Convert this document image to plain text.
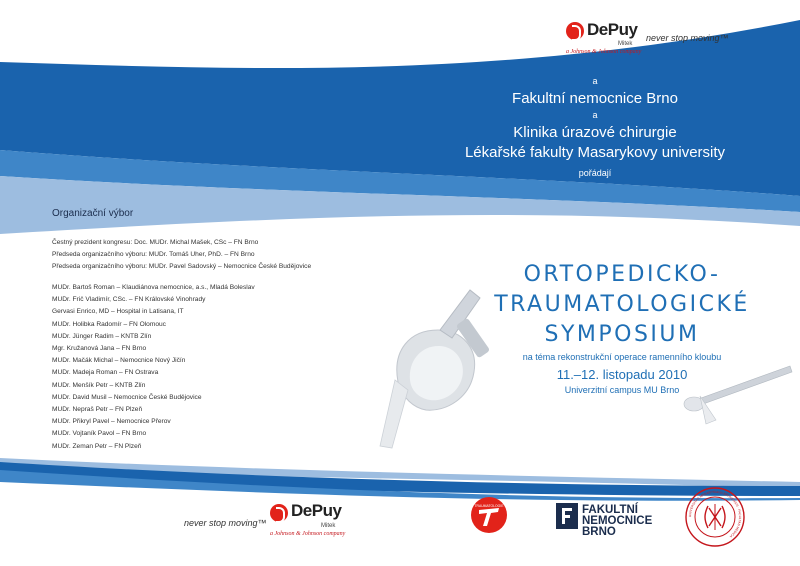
DePuy
Mitek
a Johnson & Johnson company
never stop moving™
a
Fakultní nemocnice Brno
a
Klinika úrazové chirurgie
Lékařské fakulty Masarykovy university
pořádají
Organizační výbor
Čestný prezident kongresu: Doc. MUDr. Michal Mašek, CSc – FN Brno
Předseda organizačního výboru: MUDr. Tomáš Uher, PhD. – FN Brno
Předseda organizačního výboru: MUDr. Pavel Sadovský – Nemocnice České Budějovice
MUDr. Bartoš Roman – Klaudiánova nemocnice, a.s., Mladá Boleslav
MUDr. Frič Vladimír, CSc. – FN Královské Vinohrady
Gervasi Enrico, MD – Hospital in Latisana, IT
MUDr. Holibka Radomír – FN Olomouc
MUDr. Jünger Radim – KNTB Zlín
Mgr. Kružanová Jana – FN Brno
MUDr. Mačák Michal – Nemocnice Nový Jičín
MUDr. Madeja Roman – FN Ostrava
MUDr. Menšík Petr – KNTB Zlín
MUDr. David Musil – Nemocnice České Budějovice
MUDr. Nepraš Petr – FN Plzeň
MUDr. Přikryl Pavel – Nemocnice Přerov
MUDr. Vojtaník Pavol – FN Brno
MUDr. Zeman Petr – FN Plzeň
ORTOPEDICKO-
TRAUMATOLOGICKÉ
SYMPOSIUM
na téma rekonstrukční operace ramenního kloubu
11.–12. listopadu 2010
Univerzitní campus MU Brno
never stop moving™
DePuy
Mitek
a Johnson & Johnson company
TRAUMATOLOGIE	FAKULTNÍ
NEMOCNICE
BRNO
UNIVERSITAS MASARYKIANA BRUNENSIS · FACULTAS MEDICA
